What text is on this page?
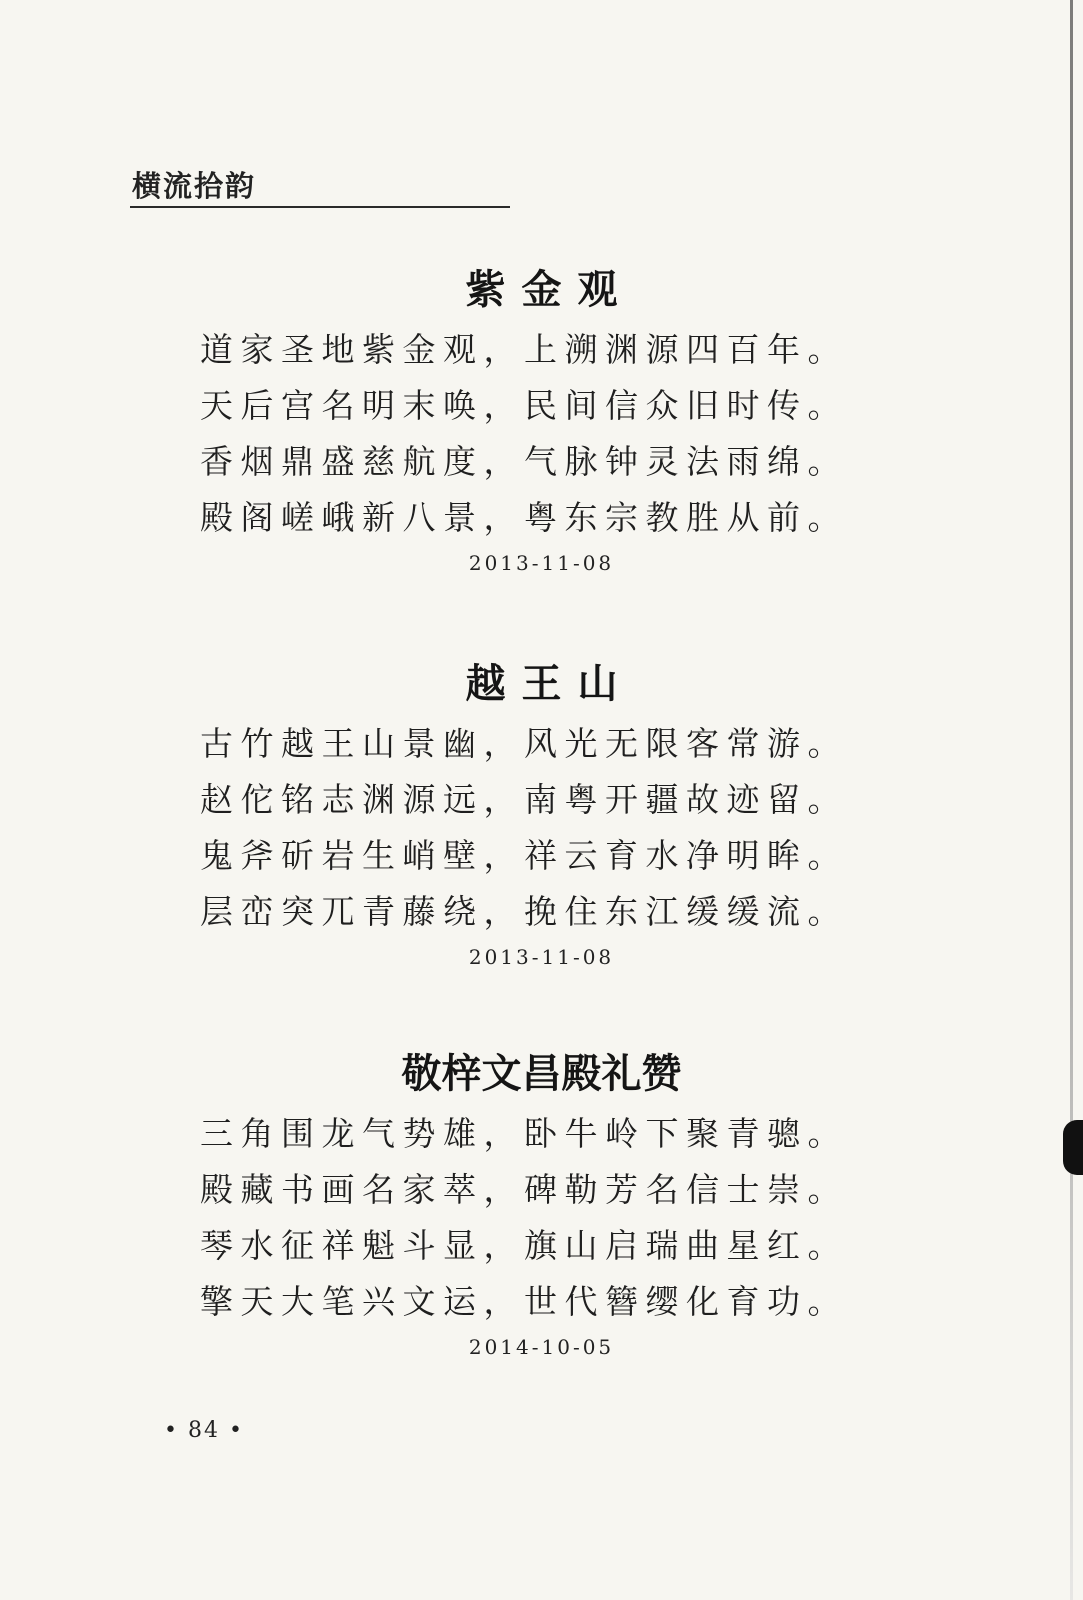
横流拾韵
紫金观
道家圣地紫金观，上溯渊源四百年。
天后宫名明末唤，民间信众旧时传。
香烟鼎盛慈航度，气脉钟灵法雨绵。
殿阁嵯峨新八景，粤东宗教胜从前。
2013-11-08
越王山
古竹越王山景幽，风光无限客常游。
赵佗铭志渊源远，南粤开疆故迹留。
鬼斧斫岩生峭壁，祥云育水净明眸。
层峦突兀青藤绕，挽住东江缓缓流。
2013-11-08
敬梓文昌殿礼赞
三角围龙气势雄，卧牛岭下聚青骢。
殿藏书画名家萃，碑勒芳名信士崇。
琴水征祥魁斗显，旗山启瑞曲星红。
擎天大笔兴文运，世代簪缨化育功。
2014-10-05
• 84 •
